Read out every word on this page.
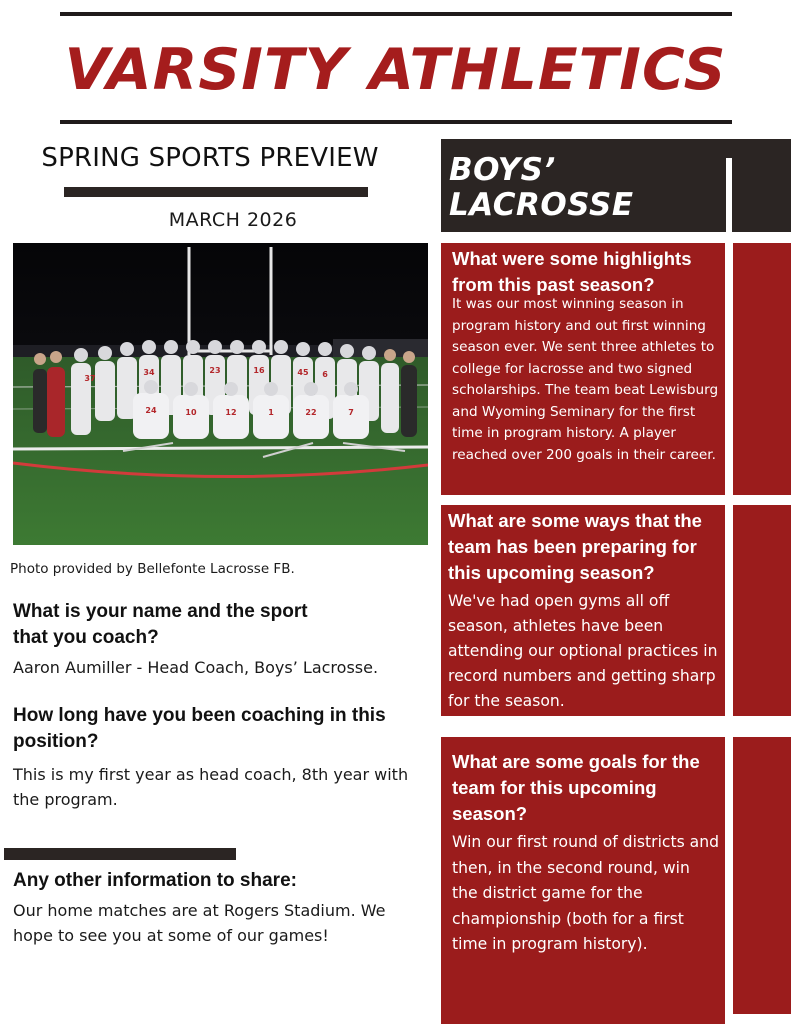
VARSITY ATHLETICS
SPRING SPORTS PREVIEW
MARCH 2026
37
24
34
10
23
12
16	45 6
1	22	7
Photo provided by Bellefonte Lacrosse FB.
What is your name and the sport that you coach?
Aaron Aumiller - Head Coach, Boys’ Lacrosse.
How long have you been coaching in this position?
This is my first year as head coach, 8th year with the program.
Any other information to share:
Our home matches are at Rogers Stadium. We hope to see you at some of our games!
BOYS’
LACROSSE
What were some highlights from this past season?
It was our most winning season in program history and out first winning season ever. We sent three athletes to college for lacrosse and two signed scholarships. The team beat Lewisburg and Wyoming Seminary for the first time in program history. A player reached over 200 goals in their career.
What are some ways that the team has been preparing for this upcoming season?
We've had open gyms all off season, athletes have been attending our optional practices in record numbers and getting sharp for the season.
What are some goals for the team for this upcoming season?
Win our first round of districts and then, in the second round, win the district game for the championship (both for a first time in program history).
